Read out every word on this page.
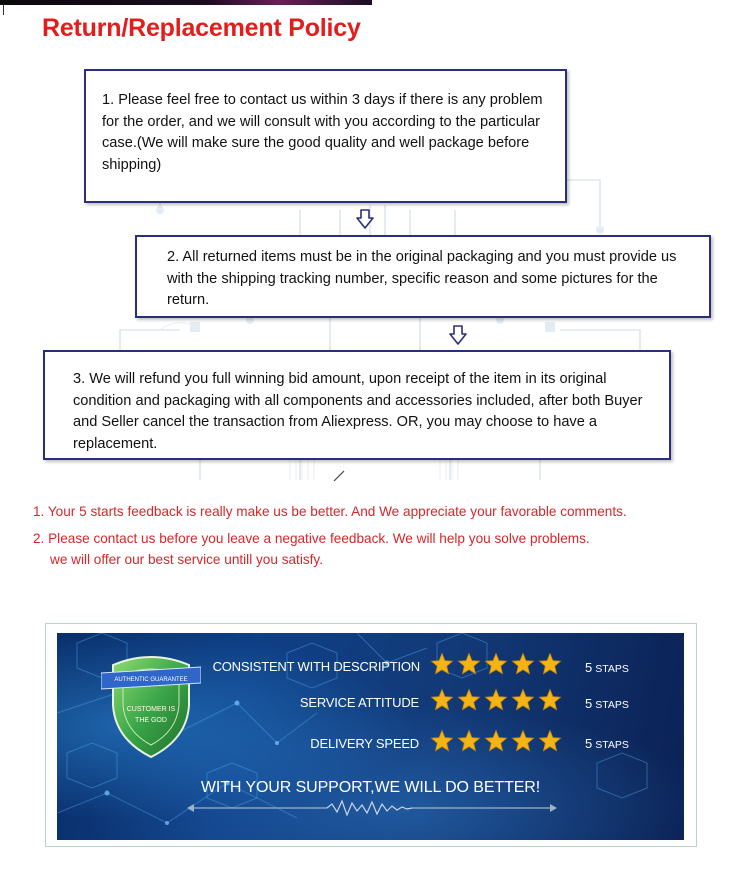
Return/Replacement Policy

1. Please feel free to contact us within 3 days if there is any problem for the order, and we will consult with you according to the particular case.(We will make sure the good quality and well package before shipping)

2. All returned items must be in the original packaging and you must provide us with the shipping tracking number, specific reason and some pictures for the return.

3. We will refund you full winning bid amount, upon receipt of the item in its original condition and packaging with all components and accessories included, after both Buyer and Seller cancel the transaction from Aliexpress. OR, you may choose to have a replacement.

1. Your 5 starts feedback is really make us be better. And We appreciate your favorable comments.

2. Please contact us before you leave a negative feedback. We will help you solve problems.

we will offer our best service untill you satisfy.

AUTHENTIC GUARANTEE
CUSTOMER IS
THE GOD
CONSISTENT WITH DESCRIPTION	5 STAPS
SERVICE ATTITUDE	5 STAPS
DELIVERY SPEED	5 STAPS
WITH YOUR SUPPORT,WE WILL DO BETTER!
